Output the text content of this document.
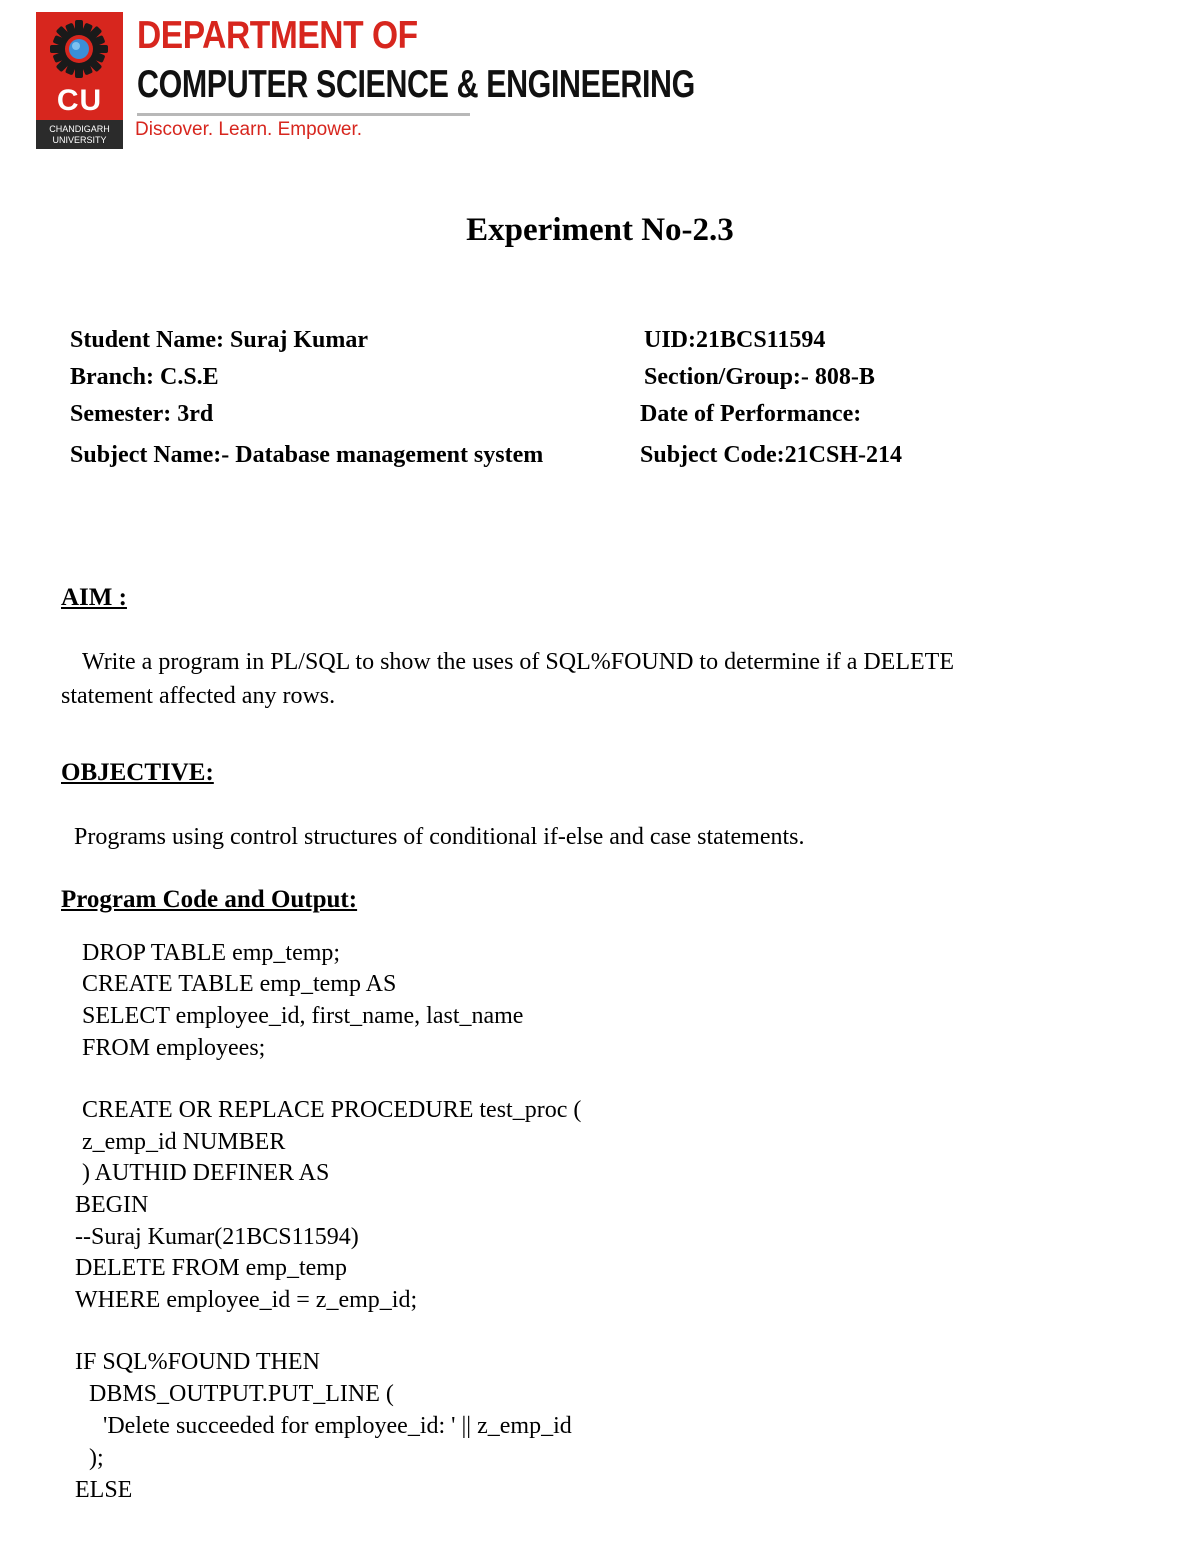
CU
CHANDIGARH
UNIVERSITY
DEPARTMENT OF
COMPUTER SCIENCE & ENGINEERING
Discover. Learn. Empower.
Experiment No-2.3
Student Name: Suraj Kumar	UID:21BCS11594
Branch: C.S.E	Section/Group:- 808-B
Semester: 3rd	Date of Performance:
Subject Name:- Database management system	Subject Code:21CSH-214
AIM :
Write a program in PL/SQL to show the uses of SQL%FOUND to determine if a DELETE
statement affected any rows.
OBJECTIVE:
Programs using control structures of conditional if-else and case statements.
Program Code and Output:
DROP TABLE emp_temp;
CREATE TABLE emp_temp AS
SELECT employee_id, first_name, last_name
FROM employees;
CREATE OR REPLACE PROCEDURE test_proc (
z_emp_id NUMBER
) AUTHID DEFINER AS
BEGIN
--Suraj Kumar(21BCS11594)
DELETE FROM emp_temp
WHERE employee_id = z_emp_id;
IF SQL%FOUND THEN
DBMS_OUTPUT.PUT_LINE (
'Delete succeeded for employee_id: ' || z_emp_id
);
ELSE
